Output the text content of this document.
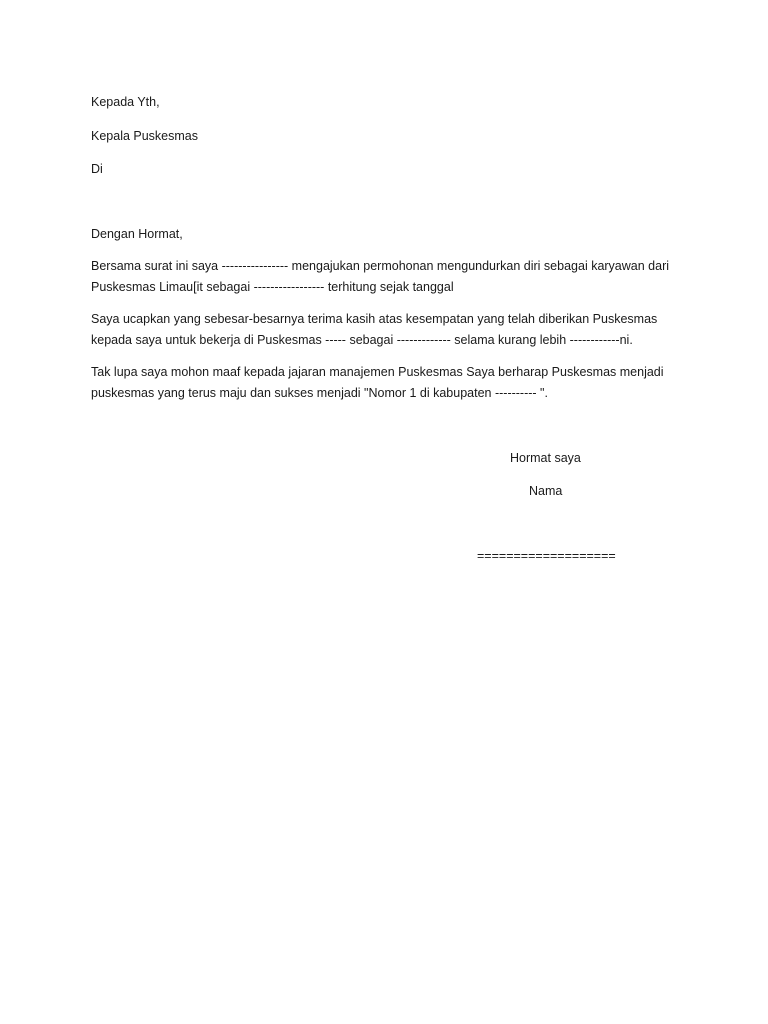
Kepada Yth,
Kepala Puskesmas
Di
Dengan Hormat,
Bersama surat ini saya ---------------- mengajukan permohonan mengundurkan diri sebagai karyawan dari
Puskesmas Limau[it sebagai ----------------- terhitung sejak tanggal
Saya ucapkan yang sebesar-besarnya terima kasih atas kesempatan yang telah diberikan Puskesmas
kepada saya untuk bekerja di Puskesmas ----- sebagai ------------- selama kurang lebih ------------ni.
Tak lupa saya mohon maaf kepada jajaran manajemen Puskesmas Saya berharap Puskesmas menjadi
puskesmas yang terus maju dan sukses menjadi "Nomor 1 di kabupaten ---------- ".
Hormat saya
Nama
===================
